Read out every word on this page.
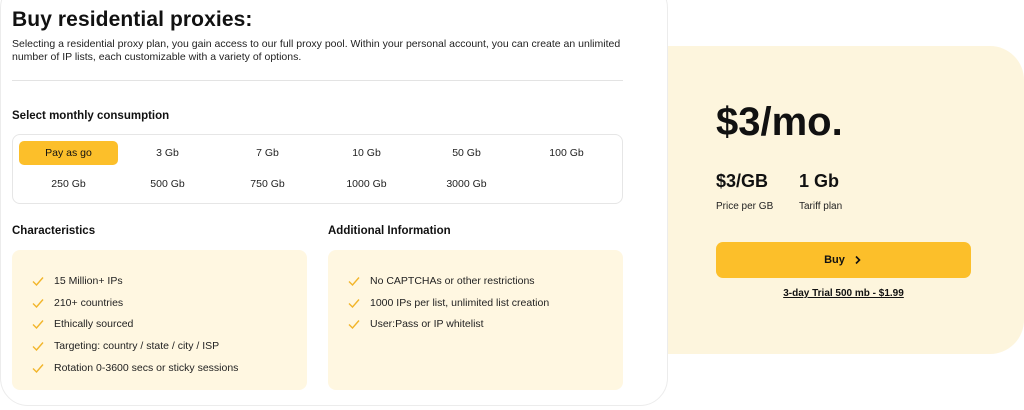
Buy residential proxies:

Selecting a residential proxy plan, you gain access to our full proxy pool. Within your personal account, you can create an unlimited number of IP lists, each customizable with a variety of options.

Select monthly consumption
Pay as go	3 Gb	7 Gb	10 Gb	50 Gb	100 Gb
250 Gb	500 Gb	750 Gb	1000 Gb	3000 Gb
Characteristics	Additional Information
15 Million+ IPs
210+ countries
Ethically sourced
Targeting: country / state / city / ISP
Rotation 0-3600 secs or sticky sessions
No CAPTCHAs or other restrictions
1000 IPs per list, unlimited list creation
User:Pass or IP whitelist
$3/mo.
$3/GB 1 Gb
Price per GB	Tariff plan
Buy
3-day Trial 500 mb - $1.99
